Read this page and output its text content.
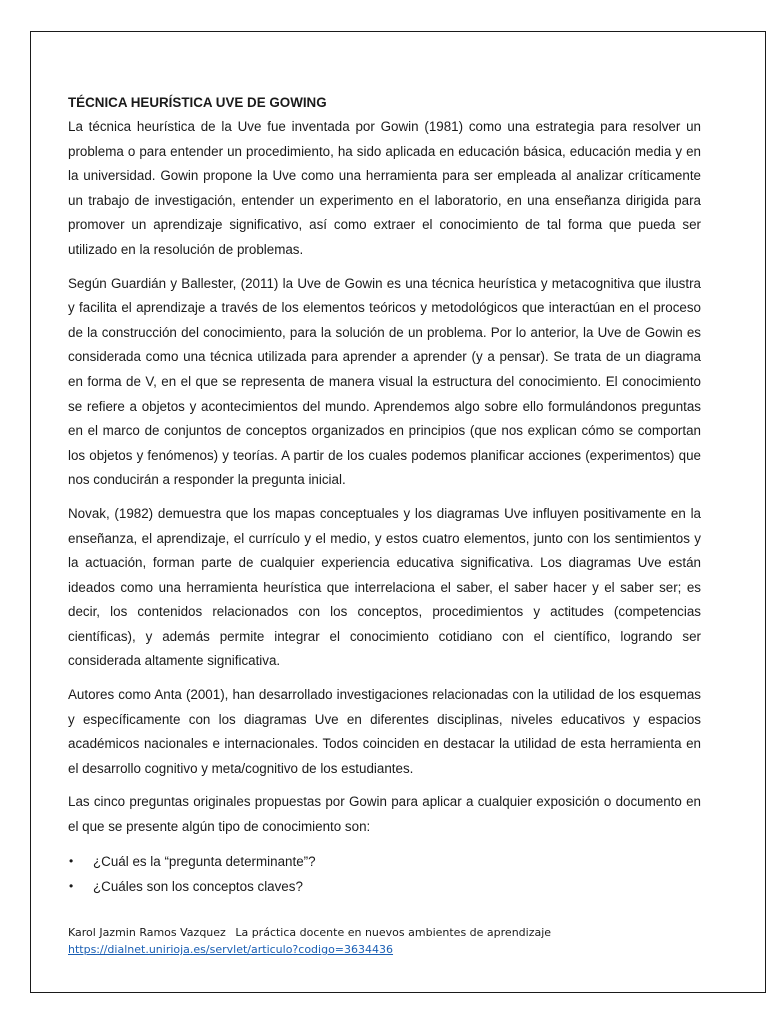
TÉCNICA HEURÍSTICA UVE DE GOWING

La técnica heurística de la Uve fue inventada por Gowin (1981) como una estrategia para resolver un problema o para entender un procedimiento, ha sido aplicada en educación básica, educación media y en la universidad. Gowin propone la Uve como una herramienta para ser empleada al analizar críticamente un trabajo de investigación, entender un experimento en el laboratorio, en una enseñanza dirigida para promover un aprendizaje significativo, así como extraer el conocimiento de tal forma que pueda ser utilizado en la resolución de problemas.

Según Guardián y Ballester, (2011) la Uve de Gowin es una técnica heurística y metacognitiva que ilustra y facilita el aprendizaje a través de los elementos teóricos y metodológicos que interactúan en el proceso de la construcción del conocimiento, para la solución de un problema. Por lo anterior, la Uve de Gowin es considerada como una técnica utilizada para aprender a aprender (y a pensar). Se trata de un diagrama en forma de V, en el que se representa de manera visual la estructura del conocimiento. El conocimiento se refiere a objetos y acontecimientos del mundo. Aprendemos algo sobre ello formulándonos preguntas en el marco de conjuntos de conceptos organizados en principios (que nos explican cómo se comportan los objetos y fenómenos) y teorías. A partir de los cuales podemos planificar acciones (experimentos) que nos conducirán a responder la pregunta inicial.

Novak, (1982) demuestra que los mapas conceptuales y los diagramas Uve influyen positivamente en la enseñanza, el aprendizaje, el currículo y el medio, y estos cuatro elementos, junto con los sentimientos y la actuación, forman parte de cualquier experiencia educativa significativa. Los diagramas Uve están ideados como una herramienta heurística que interrelaciona el saber, el saber hacer y el saber ser; es decir, los contenidos relacionados con los conceptos, procedimientos y actitudes (competencias científicas), y además permite integrar el conocimiento cotidiano con el científico, logrando ser considerada altamente significativa.

Autores como Anta (2001), han desarrollado investigaciones relacionadas con la utilidad de los esquemas y específicamente con los diagramas Uve en diferentes disciplinas, niveles educativos y espacios académicos nacionales e internacionales. Todos coinciden en destacar la utilidad de esta herramienta en el desarrollo cognitivo y meta/cognitivo de los estudiantes.

Las cinco preguntas originales propuestas por Gowin para aplicar a cualquier exposición o documento en el que se presente algún tipo de conocimiento son:

• ¿Cuál es la “pregunta determinante”?
• ¿Cuáles son los conceptos claves?
Karol Jazmin Ramos Vazquez La práctica docente en nuevos ambientes de aprendizaje
https://dialnet.unirioja.es/servlet/articulo?codigo=3634436
